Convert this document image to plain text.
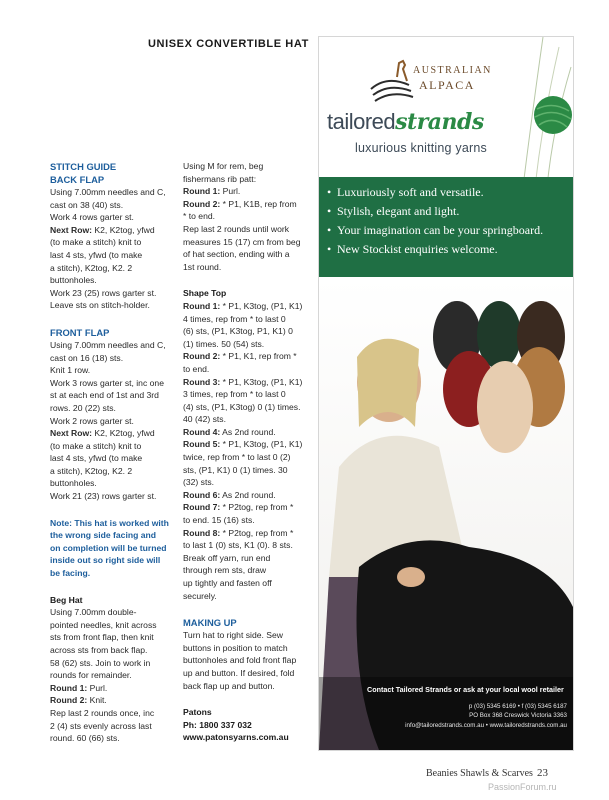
UNISEX CONVERTIBLE HAT
STITCH GUIDE
BACK FLAP
Using 7.00mm needles and C,
cast on 38 (40) sts.
Work 4 rows garter st.
Next Row: K2, K2tog, yfwd
(to make a stitch) knit to
last 4 sts, yfwd (to make
a stitch), K2tog, K2. 2
buttonholes.
Work 23 (25) rows garter st.
Leave sts on stitch-holder.
FRONT FLAP
Using 7.00mm needles and C,
cast on 16 (18) sts.
Knit 1 row.
Work 3 rows garter st, inc one
st at each end of 1st and 3rd
rows. 20 (22) sts.
Work 2 rows garter st.
Next Row: K2, K2tog, yfwd
(to make a stitch) knit to
last 4 sts, yfwd (to make
a stitch), K2tog, K2. 2
buttonholes.
Work 21 (23) rows garter st.
Note: This hat is worked with
the wrong side facing and
on completion will be turned
inside out so right side will
be facing.
Beg Hat
Using 7.00mm double-
pointed needles, knit across
sts from front flap, then knit
across sts from back flap.
58 (62) sts. Join to work in
rounds for remainder.
Round 1: Purl.
Round 2: Knit.
Rep last 2 rounds once, inc
2 (4) sts evenly across last
round. 60 (66) sts.
Using M for rem, beg
fishermans rib patt:
Round 1: Purl.
Round 2: * P1, K1B, rep from
* to end.
Rep last 2 rounds until work
measures 15 (17) cm from beg
of hat section, ending with a
1st round.
Shape Top
Round 1: * P1, K3tog, (P1, K1)
4 times, rep from * to last 0
(6) sts, (P1, K3tog, P1, K1) 0
(1) times. 50 (54) sts.
Round 2: * P1, K1, rep from *
to end.
Round 3: * P1, K3tog, (P1, K1)
3 times, rep from * to last 0
(4) sts, (P1, K3tog) 0 (1) times.
40 (42) sts.
Round 4: As 2nd round.
Round 5: * P1, K3tog, (P1, K1)
twice, rep from * to last 0 (2)
sts, (P1, K1) 0 (1) times. 30
(32) sts.
Round 6: As 2nd round.
Round 7: * P2tog, rep from *
to end. 15 (16) sts.
Round 8: * P2tog, rep from *
to last 1 (0) sts, K1 (0). 8 sts.
Break off yarn, run end
through rem sts, draw
up tightly and fasten off
securely.
MAKING UP
Turn hat to right side. Sew
buttons in position to match
buttonholes and fold front flap
up and button. If desired, fold
back flap up and button.
Patons
Ph: 1800 337 032
www.patonsyarns.com.au
AUSTRALIAN
ALPACA
tailoredstrands
luxurious knitting yarns
• Luxuriously soft and versatile.
• Stylish, elegant and light.
• Your imagination can be your springboard.
• New Stockist enquiries welcome.
Contact Tailored Strands or ask at your local wool retailer
p (03) 5345 6169 • f (03) 5345 6187
PO Box 368 Creswick Victoria 3363
info@tailoredstrands.com.au • www.tailoredstrands.com.au
Beanies Shawls & Scarves 23
PassionForum.ru
